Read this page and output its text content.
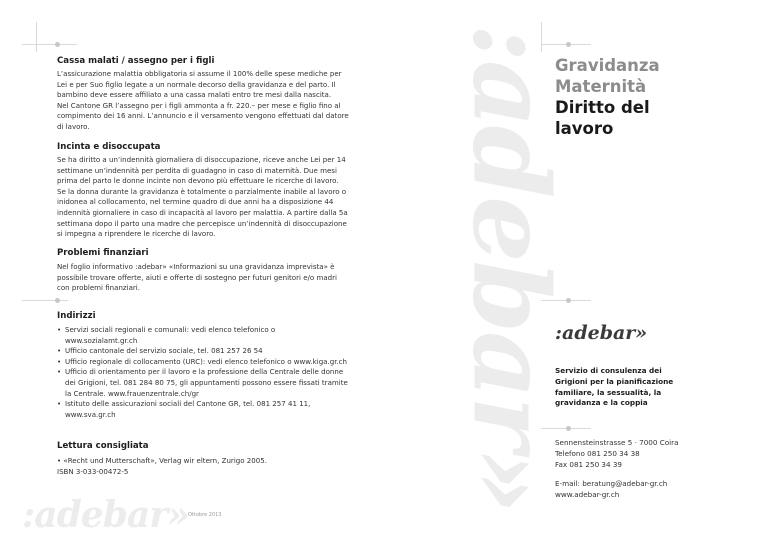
:adebar»
Cassa malati / assegno per i figli

L’assicurazione malattia obbligatoria si assume il 100% delle spese mediche per Lei e per Suo figlio legate a un normale decorso della gravidanza e del parto. Il bambino deve essere affiliato a una cassa malati entro tre mesi dalla nascita.

Nel Cantone GR l’assegno per i figli ammonta a fr. 220.– per mese e figlio fino al compimento dei 16 anni. L’annuncio e il versamento vengono effettuati dal datore di lavoro.

Incinta e disoccupata

Se ha diritto a un’indennità giornaliera di disoccupazione, riceve anche Lei per 14 settimane un’indennità per perdita di guadagno in caso di maternità. Due mesi prima del parto le donne incinte non devono più effettuare le ricerche di lavoro. Se la donna durante la gravidanza è totalmente o parzialmente inabile al lavoro o inidonea al collocamento, nel termine quadro di due anni ha a disposizione 44 indennità giornaliere in caso di incapacità al lavoro per malattia. A partire dalla 5a settimana dopo il parto una madre che percepisce un’indennità di disoccupazione si impegna a riprendere le ricerche di lavoro.

Problemi finanziari

Nel foglio informativo :adebar» «Informazioni su una gravidanza imprevista» è possibile trovare offerte, aiuti e offerte di sostegno per futuri genitori e/o madri con problemi finanziari.

Indirizzi
• Servizi sociali regionali e comunali: vedi elenco telefonico o www.sozialamt.gr.ch
• Ufficio cantonale del servizio sociale, tel. 081 257 26 54
• Ufficio regionale di collocamento (URC): vedi elenco telefonico o www.kiga.gr.ch
• Ufficio di orientamento per il lavoro e la professione della Centrale delle donne dei Grigioni, tel. 081 284 80 75, gli appuntamenti possono essere fissati tramite la Centrale. www.frauenzentrale.ch/gr
• Istituto delle assicurazioni sociali del Cantone GR, tel. 081 257 41 11, www.sva.gr.ch
Lettura consigliata

• «Recht und Mutterschaft», Verlag wir eltern, Zurigo 2005.

ISBN 3-033-00472-5

:adebar» Ottobre 2013
Gravidanza
Maternità
Diritto del
lavoro
:adebar»

Servizio di consulenza dei Grigioni per la pianificazione familiare, la sessualità, la gravidanza e la coppia

Sennensteinstrasse 5 · 7000 Coira

Telefono 081 250 34 38

Fax 081 250 34 39

E-mail: beratung@adebar-gr.ch

www.adebar-gr.ch
